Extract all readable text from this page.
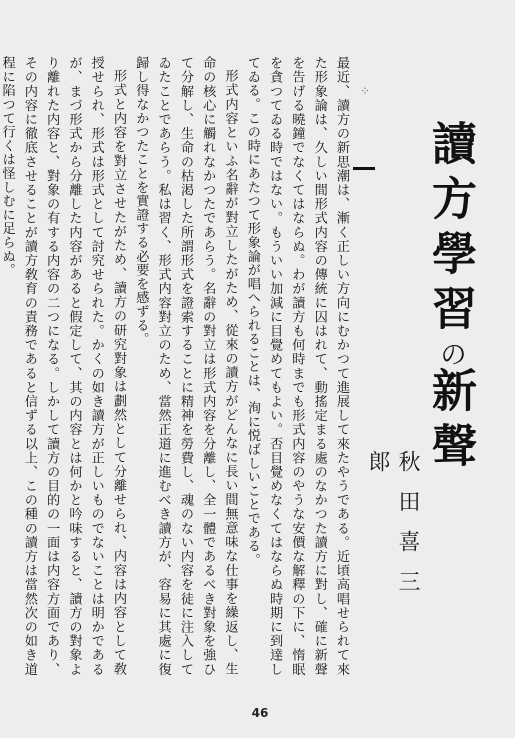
讀方學習の新聲
秋田喜三郞
⁘

最近、讀方の新思潮は、漸く正しい方向にむかつて進展して來たやうである。近頃高唱せられて來た形象論は、久しい間形式内容の傳統に囚はれて、動搖定まる處のなかつた讀方に對し、確に新聲を告げる曉鐘でなくてはならぬ。わが讀方も何時までも形式内容のやうな安價な解釋の下に、惰眠を貪つてゐる時ではない。もういい加減に目覺めてもよい。否目覺めなくてはならぬ時期に到達してゐる。この時にあたつて形象論が唱へられることは、洵に悦ばしいことである。

形式内容といふ名辭が對立したがため、從來の讀方がどんなに長い間無意味な仕事を繰返し、生命の核心に觸れなかつたであらう。名辭の對立は形式内容を分離し、全一體であるべき對象を強ひて分解し、生命の枯渇した所謂形式を證索することに精神を勞費し、魂のない内容を徒に注入してゐたことであらう。私は習く、形式内容對立のため、當然正道に進むべき讀方が、容易に其處に復歸し得なかつたことを實證する必要を感ずる。

形式と内容を對立させたがため、讀方の研究對象は劃然として分離せられ、内容は内容として敎授せられ、形式は形式として討究せられた。かくの如き讀方が正しいものでないことは明かであるが、まづ形式から分離した内容があると假定して、其の内容とは何かと吟味すると、讀方の對象より離れた内容と、對象の有する内容の二つになる。しかして讀方の目的の一面は内容方面であり、その内容に徹底させることが讀方敎育の責務であると信ずる以上、この種の讀方は當然次の如き道程に陷つて行くは怪しむに足らぬ。

46
